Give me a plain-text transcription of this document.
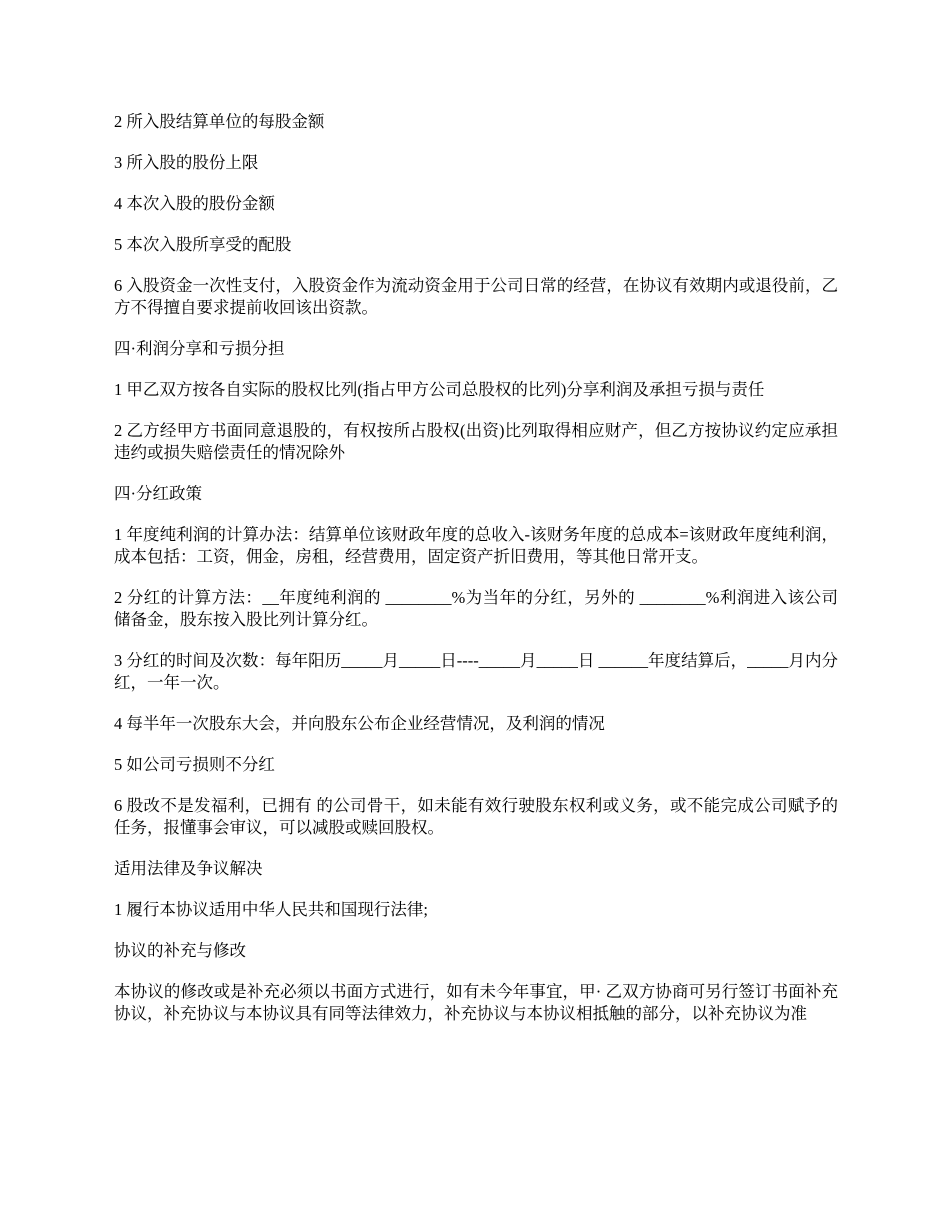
2 所入股结算单位的每股金额

3 所入股的股份上限

4 本次入股的股份金额

5 本次入股所享受的配股

6 入股资金一次性支付，入股资金作为流动资金用于公司日常的经营，在协议有效期内或退役前，乙方不得擅自要求提前收回该出资款。

四·利润分享和亏损分担

1 甲乙双方按各自实际的股权比列(指占甲方公司总股权的比列)分享利润及承担亏损与责任

2 乙方经甲方书面同意退股的，有权按所占股权(出资)比列取得相应财产，但乙方按协议约定应承担违约或损失赔偿责任的情况除外

四·分红政策

1 年度纯利润的计算办法：结算单位该财政年度的总收入-该财务年度的总成本=该财政年度纯利润，成本包括：工资，佣金，房租，经营费用，固定资产折旧费用，等其他日常开支。

2 分红的计算方法：__年度纯利润的 ________%为当年的分红，另外的 ________%利润进入该公司储备金，股东按入股比列计算分红。

3 分红的时间及次数：每年阳历_____月_____日----_____月_____日 ______年度结算后，_____月内分红，一年一次。

4 每半年一次股东大会，并向股东公布企业经营情况，及利润的情况

5 如公司亏损则不分红

6 股改不是发福利，已拥有 的公司骨干，如未能有效行驶股东权利或义务，或不能完成公司赋予的任务，报懂事会审议，可以减股或赎回股权。

适用法律及争议解决

1 履行本协议适用中华人民共和国现行法律;

协议的补充与修改

本协议的修改或是补充必须以书面方式进行，如有未今年事宜，甲· 乙双方协商可另行签订书面补充协议，补充协议与本协议具有同等法律效力，补充协议与本协议相抵触的部分，以补充协议为准
